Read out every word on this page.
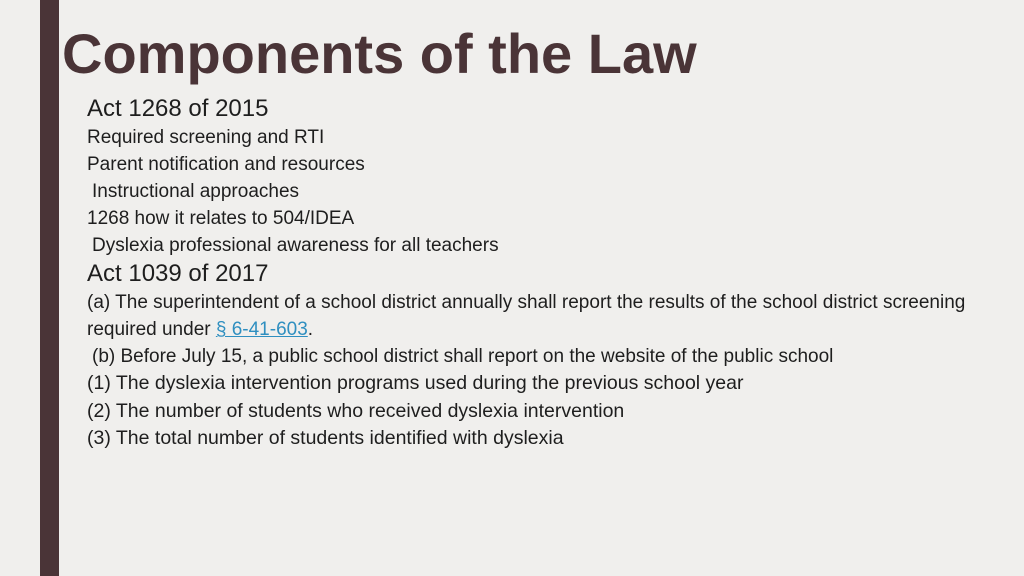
Components of the Law
Act 1268 of 2015
Required screening and RTI
Parent notification and resources
Instructional approaches
1268 how it relates to 504/IDEA
Dyslexia professional awareness for all teachers
Act 1039 of 2017
(a) The superintendent of a school district annually shall report the results of the school district screening required under § 6-41-603.
(b) Before July 15, a public school district shall report on the website of the public school
(1) The dyslexia intervention programs used during the previous school year
(2) The number of students who received dyslexia intervention
(3) The total number of students identified with dyslexia
